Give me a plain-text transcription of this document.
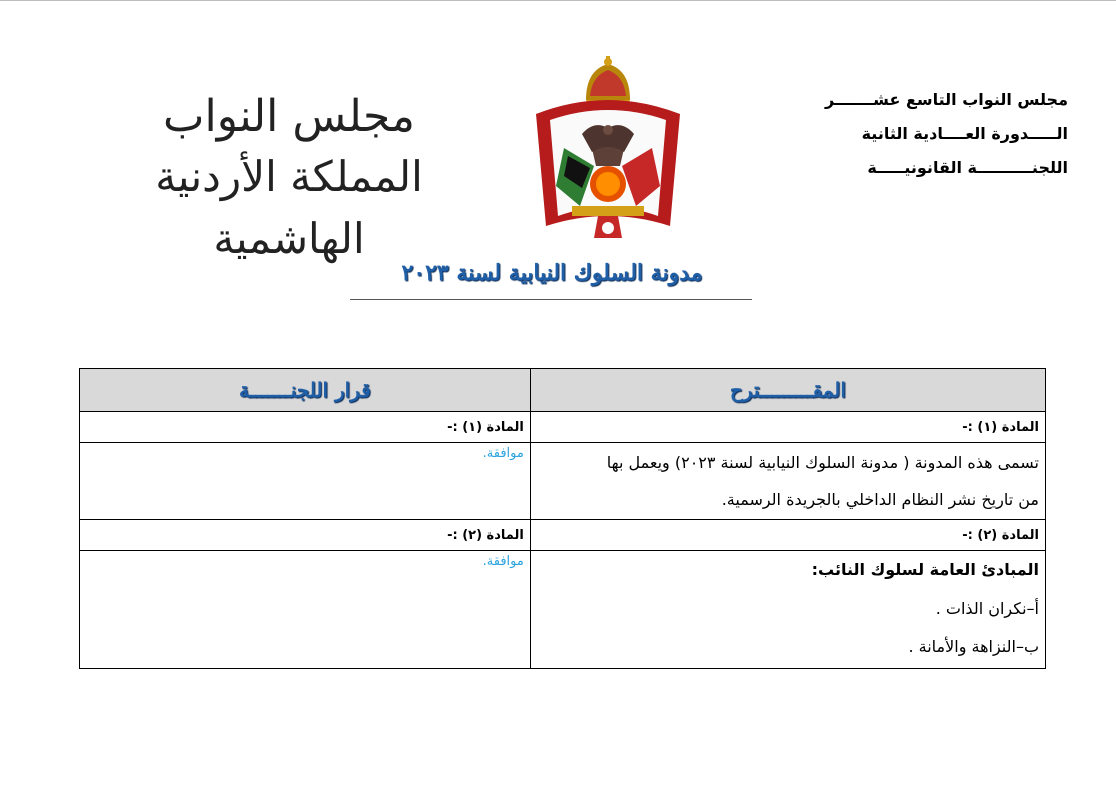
مجلس النواب التاسع عشـــــــر
الـــــدورة العــــادية الثانية
اللجنــــــــــة القانونيـــــة
مجلس النواب
المملكة الأردنية الهاشمية
مدونة السلوك النيابية لسنة ٢٠٢٣
المقـــــــــترح	قرار اللجنـــــــة
المادة (١) :-	المادة (١) :-

تسمى هذه المدونة ( مدونة السلوك النيابية لسنة ٢٠٢٣) ويعمل بها
من تاريخ نشر النظام الداخلي بالجريدة الرسمية.	موافقة.
المادة (٢) :-	المادة (٢) :-

المبادئ العامة لسلوك النائب:
أ–نكران الذات .
ب–النزاهة والأمانة .	موافقة.
